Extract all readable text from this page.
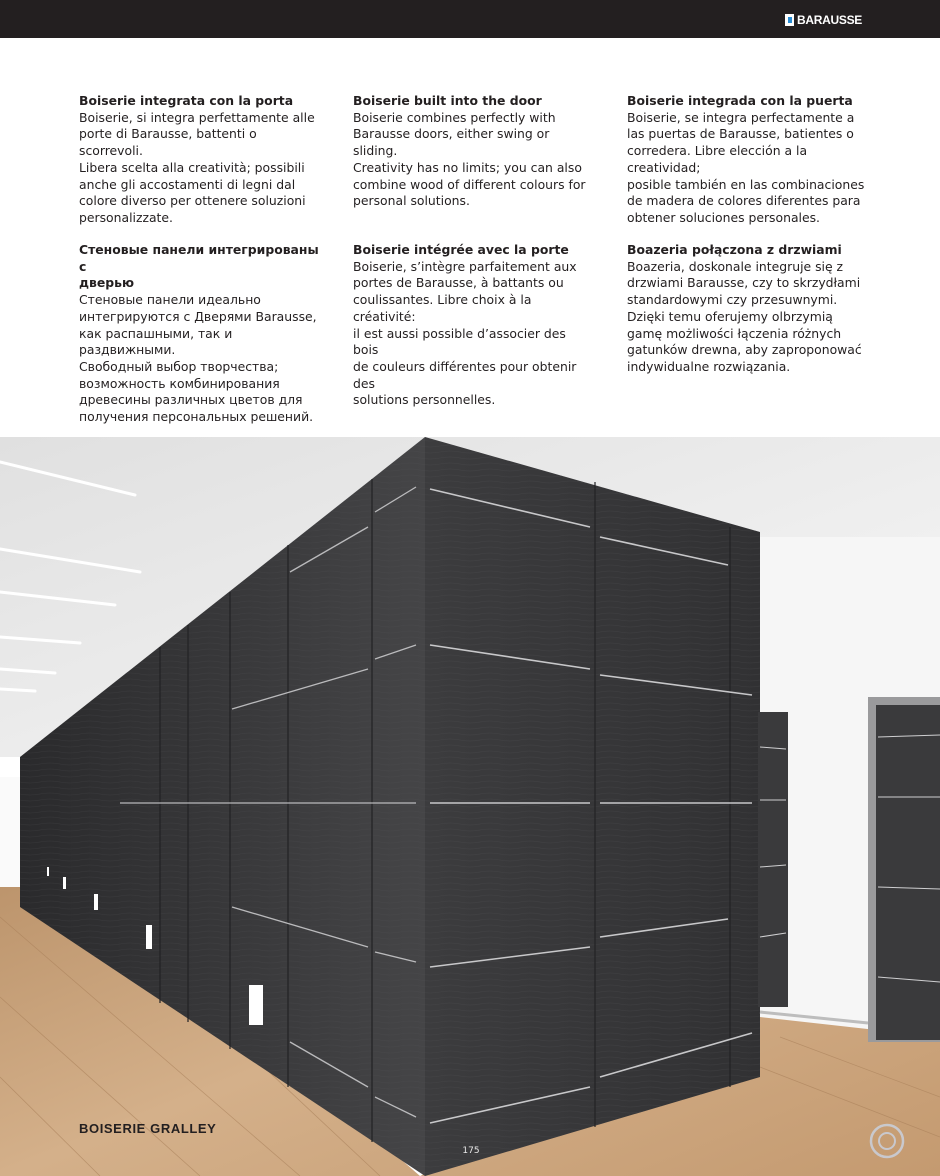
BARAUSSE
Boiserie integrata con la porta

Boiserie, si integra perfettamente alle

porte di Barausse, battenti o scorrevoli.

Libera scelta alla creatività; possibili

anche gli accostamenti di legni dal

colore diverso per ottenere soluzioni

personalizzate.

Boiserie built into the door

Boiserie combines perfectly with

Barausse doors, either swing or sliding.

Creativity has no limits; you can also

combine wood of different colours for

personal solutions.

Boiserie integrada con la puerta

Boiserie, se integra perfectamente a

las puertas de Barausse, batientes o

corredera. Libre elección a la creatividad;

posible también en las combinaciones

de madera de colores diferentes para

obtener soluciones personales.

Стеновые панели интегрированы с
дверью

Стеновые панели идеально

интегрируются с Дверями Barausse,

как распашными, так и раздвижными.

Свободный выбор творчества;

возможность комбинирования

древесины различных цветов для

получения персональных решений.

Boiserie intégrée avec la porte

Boiserie, s’intègre parfaitement aux

portes de Barausse, à battants ou

coulissantes. Libre choix à la créativité:

il est aussi possible d’associer des bois

de couleurs différentes pour obtenir des

solutions personnelles.

Boazeria połączona z drzwiami

Boazeria, doskonale integruje się z

drzwiami Barausse, czy to skrzydłami

standardowymi czy przesuwnymi.

Dzięki temu oferujemy olbrzymią

gamę możliwości łączenia różnych

gatunków drewna, aby zaproponować

indywidualne rozwiązania.

BOISERIE GRALLEY
175
